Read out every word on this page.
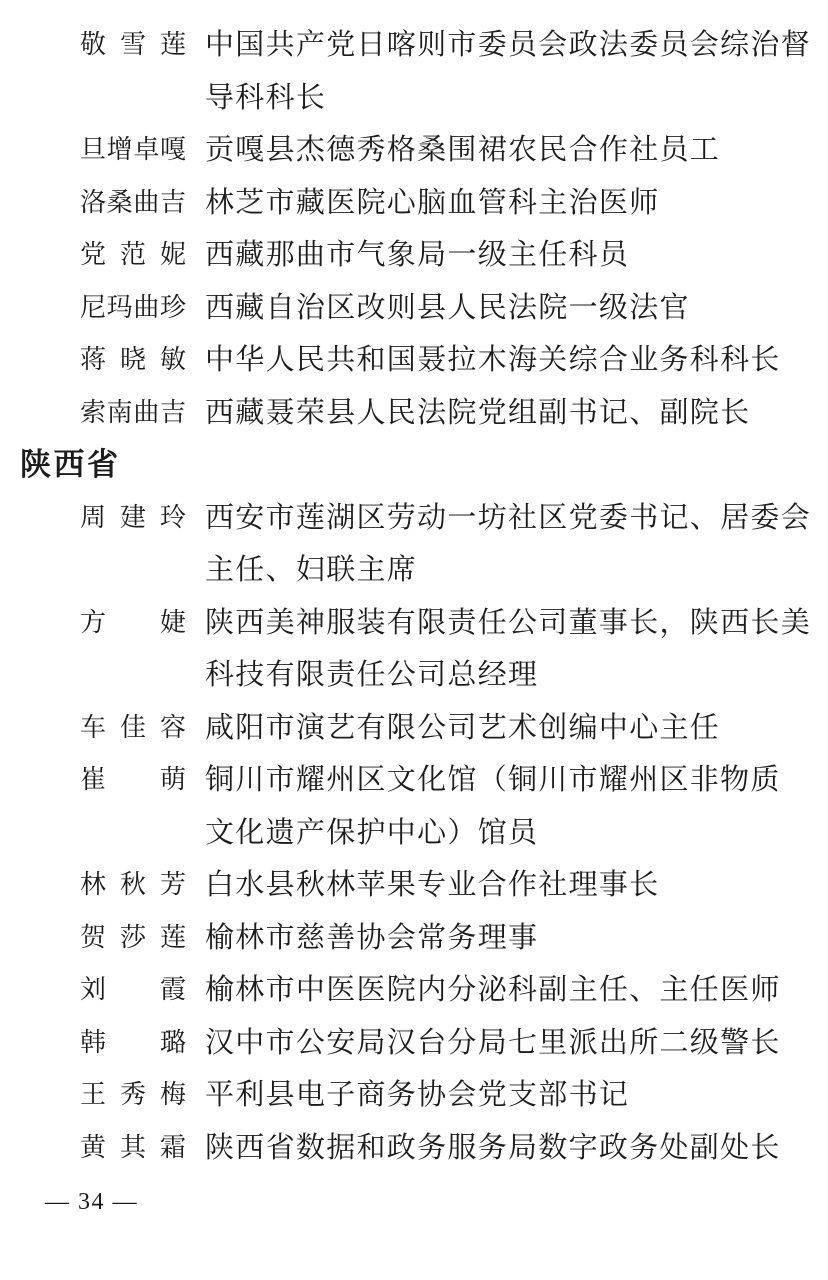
敬雪莲 中国共产党日喀则市委员会政法委员会综治督
导科科长
旦增卓嘎 贡嘎县杰德秀格桑围裙农民合作社员工
洛桑曲吉 林芝市藏医院心脑血管科主治医师
党范妮 西藏那曲市气象局一级主任科员
尼玛曲珍 西藏自治区改则县人民法院一级法官
蒋晓敏 中华人民共和国聂拉木海关综合业务科科长
索南曲吉 西藏聂荣县人民法院党组副书记、副院长
陕西省
周建玲 西安市莲湖区劳动一坊社区党委书记、居委会
主任、妇联主席
方婕 陕西美神服装有限责任公司董事长，陕西长美
科技有限责任公司总经理
车佳容 咸阳市演艺有限公司艺术创编中心主任
崔萌 铜川市耀州区文化馆（铜川市耀州区非物质
文化遗产保护中心）馆员
林秋芳 白水县秋林苹果专业合作社理事长
贺莎莲 榆林市慈善协会常务理事
刘霞 榆林市中医医院内分泌科副主任、主任医师
韩璐 汉中市公安局汉台分局七里派出所二级警长
王秀梅 平利县电子商务协会党支部书记
黄其霜 陕西省数据和政务服务局数字政务处副处长
— 34 —
